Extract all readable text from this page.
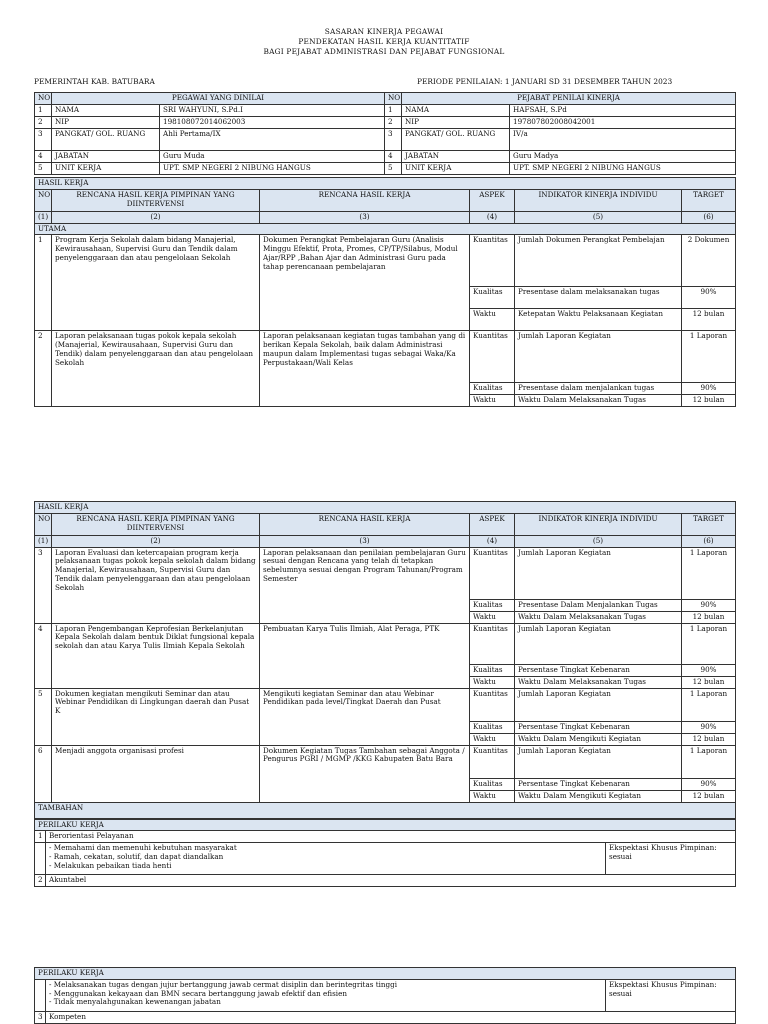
SASARAN KINERJA PEGAWAI
PENDEKATAN HASIL KERJA KUANTITATIF
BAGI PEJABAT ADMINISTRASI DAN PEJABAT FUNGSIONAL
PEMERINTAH KAB. BATUBARA	PERIODE PENILAIAN: 1 JANUARI SD 31 DESEMBER TAHUN 2023
NO	PEGAWAI YANG DINILAI		NO	PEJABAT PENILAI KINERJA	
1	NAMA	SRI WAHYUNI, S.Pd.I	1	NAMA	HAFSAH, S.Pd
2	NIP	198108072014062003	2	NIP	197807802008042001
3	PANGKAT/ GOL. RUANG	Ahli Pertama/IX	3	PANGKAT/ GOL. RUANG	IV/a
4	JABATAN	Guru Muda	4	JABATAN	Guru Madya
5	UNIT KERJA	UPT. SMP NEGERI 2 NIBUNG HANGUS	5	UNIT KERJA	UPT. SMP NEGERI 2 NIBUNG HANGUS
HASIL KERJA					
NO	RENCANA HASIL KERJA PIMPINAN YANG DIINTERVENSI	RENCANA HASIL KERJA	ASPEK	INDIKATOR KINERJA INDIVIDU	TARGET
(1)	(2)	(3)	(4)	(5)	(6)
UTAMA					
1	Program Kerja Sekolah dalam bidang Manajerial, Kewirausahaan, Supervisi Guru dan Tendik dalam penyelenggaraan dan atau pengelolaan Sekolah	Dokumen Perangkat Pembelajaran Guru (Analisis Minggu Efektif, Prota, Promes, CP/TP/Silabus, Modul Ajar/RPP ,Bahan Ajar dan Administrasi Guru pada tahap perencanaan pembelajaran	Kuantitas	Jumlah Dokumen Perangkat Pembelajan	2 Dokumen
			Kualitas	Presentase dalam melaksanakan tugas	90%
			Waktu	Ketepatan Waktu Pelaksanaan Kegiatan	12 bulan
2	Laporan pelaksanaan tugas pokok kepala sekolah (Manajerial, Kewirausahaan, Supervisi Guru dan Tendik) dalam penyelenggaraan dan atau pengelolaan Sekolah	Laporan pelaksanaan kegiatan tugas tambahan yang di berikan Kepala Sekolah, baik dalam Administrasi maupun dalam Implementasi tugas sebagai Waka/Ka Perpustakaan/Wali Kelas	Kuantitas	Jumlah Laporan Kegiatan	1 Laporan
			Kualitas	Presentase dalam menjalankan tugas	90%
			Waktu	Waktu Dalam Melaksanakan Tugas	12 bulan
HASIL KERJA					
NO	RENCANA HASIL KERJA PIMPINAN YANG DIINTERVENSI	RENCANA HASIL KERJA	ASPEK	INDIKATOR KINERJA INDIVIDU	TARGET
(1)	(2)	(3)	(4)	(5)	(6)
3	Laporan Evaluasi dan ketercapaian program kerja pelaksanaan tugas pokok kepala sekolah dalam bidang Manajerial, Kewirausahaan, Supervisi Guru dan Tendik dalam penyelenggaraan dan atau pengelolaan Sekolah	Laporan pelaksanaan dan penilaian pembelajaran Guru sesuai dengan Rencana yang telah di tetapkan sebelumnya sesuai dengan Program Tahunan/Program Semester	Kuantitas	Jumlah Laporan Kegiatan	1 Laporan
			Kualitas	Presentase Dalam Menjalankan Tugas	90%
			Waktu	Waktu Dalam Melaksanakan Tugas	12 bulan
4	Laporan Pengembangan Keprofesian Berkelanjutan Kepala Sekolah dalam bentuk Diklat fungsional kepala sekolah dan atau Karya Tulis Ilmiah Kepala Sekolah	Pembuatan Karya Tulis Ilmiah, Alat Peraga, PTK	Kuantitas	Jumlah Laporan Kegiatan	1 Laporan
			Kualitas	Persentase Tingkat Kebenaran	90%
			Waktu	Waktu Dalam Melaksanakan Tugas	12 bulan
5	Dokumen kegiatan mengikuti Seminar dan atau Webinar Pendidikan di Lingkungan daerah dan Pusat K	Mengikuti kegiatan Seminar dan atau Webinar Pendidikan pada level/Tingkat Daerah dan Pusat	Kuantitas	Jumlah Laporan Kegiatan	1 Laporan
			Kualitas	Persentase Tingkat Kebenaran	90%
			Waktu	Waktu Dalam Mengikuti Kegiatan	12 bulan
6	Menjadi anggota organisasi profesi	Dokumen Kegiatan Tugas Tambahan sebagai Anggota / Pengurus PGRI / MGMP /KKG Kabupaten Batu Bara	Kuantitas	Jumlah Laporan Kegiatan	1 Laporan
			Kualitas	Persentase Tingkat Kebenaran	90%
			Waktu	Waktu Dalam Mengikuti Kegiatan	12 bulan
TAMBAHAN					
PERILAKU KERJA		
1	Berorientasi Pelayanan	

	- Memahami dan memenuhi kebutuhan masyarakat
- Ramah, cekatan, solutif, dan dapat diandalkan
- Melakukan pebaikan tiada henti	Ekspektasi Khusus Pimpinan: sesuai
2	Akuntabel	
PERILAKU KERJA		

	- Melaksanakan tugas dengan jujur bertanggung jawab cermat disiplin dan berintegritas tinggi
- Menggunakan kekayaan dan BMN secara bertanggung jawab efektif dan efisien
- Tidak menyalahgunakan kewenangan jabatan	Ekspektasi Khusus Pimpinan: sesuai
3	Kompeten	
